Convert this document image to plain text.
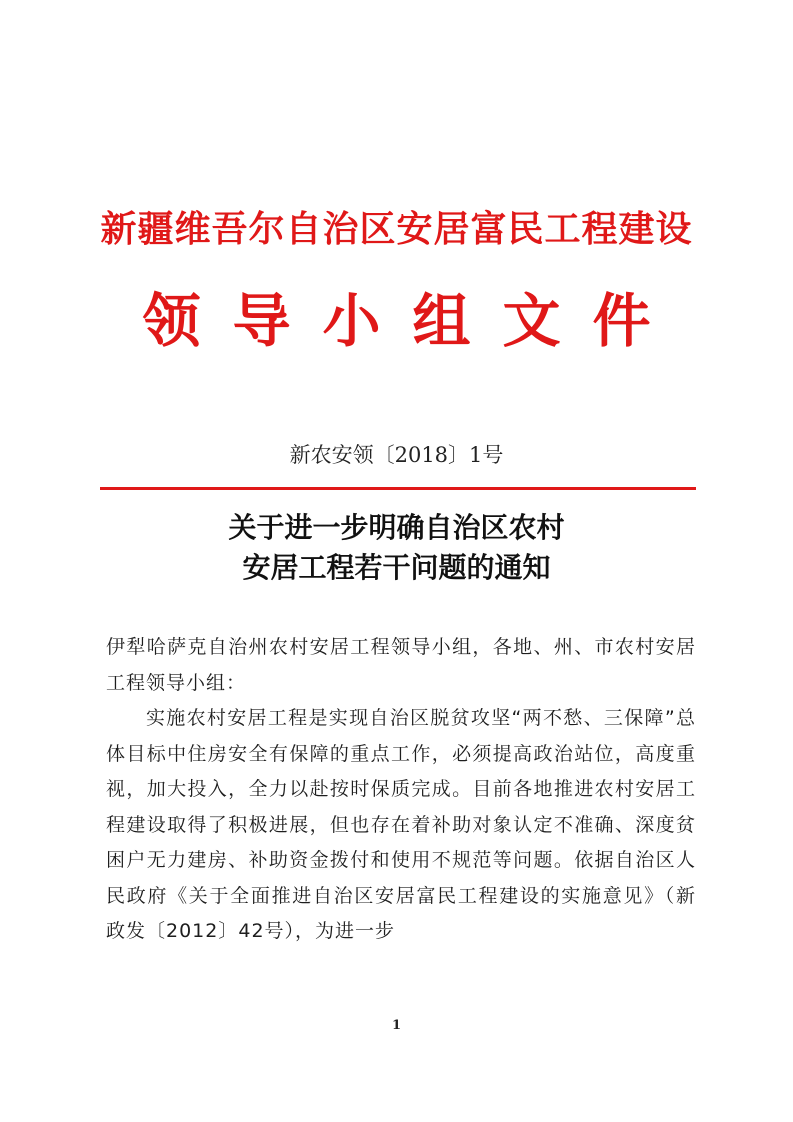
新疆维吾尔自治区安居富民工程建设
领导小组文件
新农安领〔2018〕1号
关于进一步明确自治区农村
安居工程若干问题的通知

伊犁哈萨克自治州农村安居工程领导小组，各地、州、市农村安居工程领导小组：

实施农村安居工程是实现自治区脱贫攻坚“两不愁、三保障”总体目标中住房安全有保障的重点工作，必须提高政治站位，高度重视，加大投入，全力以赴按时保质完成。目前各地推进农村安居工程建设取得了积极进展，但也存在着补助对象认定不准确、深度贫困户无力建房、补助资金拨付和使用不规范等问题。依据自治区人民政府《关于全面推进自治区安居富民工程建设的实施意见》（新政发〔2012〕42号），为进一步

1
